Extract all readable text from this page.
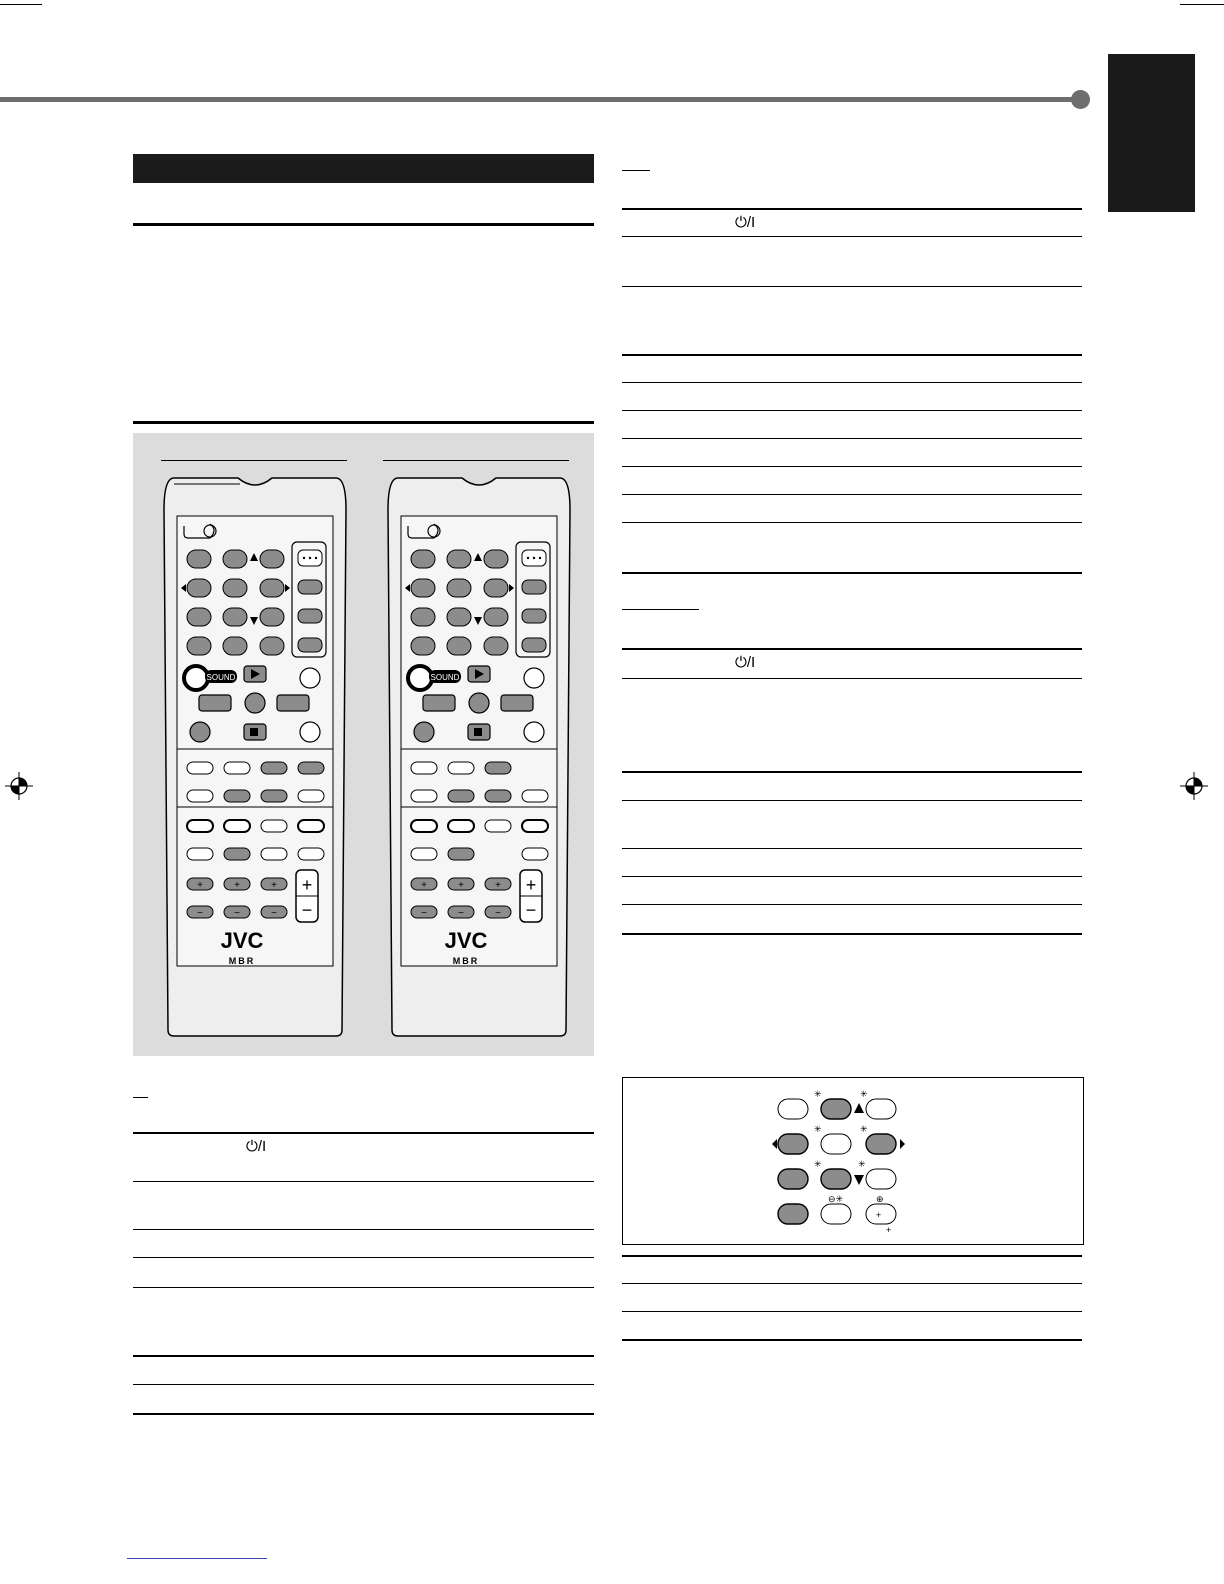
SOUND
+	+	+
−	−	−
+
−
JVC
MBR
SOUND
+	+	+
−	−	−
+
−
JVC
MBR
⏻/I
⏻/I
⏻/I
✳	✳
✳	✳
✳	✳
⊖✳	⊕
+
+
